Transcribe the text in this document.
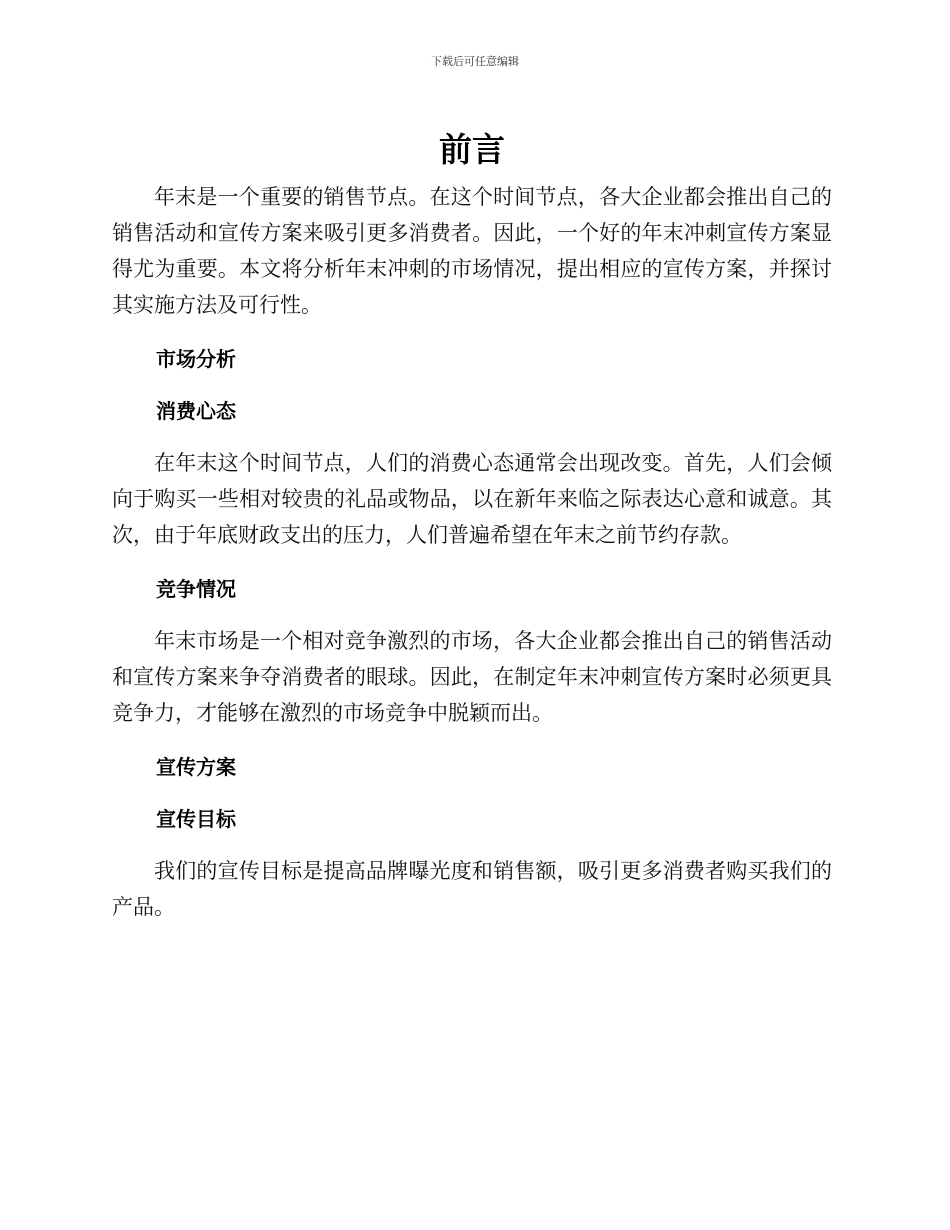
下载后可任意编辑
前言

年末是一个重要的销售节点。在这个时间节点，各大企业都会推出自己的销售活动和宣传方案来吸引更多消费者。因此，一个好的年末冲刺宣传方案显得尤为重要。本文将分析年末冲刺的市场情况，提出相应的宣传方案，并探讨其实施方法及可行性。

市场分析
消费心态

在年末这个时间节点，人们的消费心态通常会出现改变。首先，人们会倾向于购买一些相对较贵的礼品或物品，以在新年来临之际表达心意和诚意。其次，由于年底财政支出的压力，人们普遍希望在年末之前节约存款。

竞争情况

年末市场是一个相对竞争激烈的市场，各大企业都会推出自己的销售活动和宣传方案来争夺消费者的眼球。因此，在制定年末冲刺宣传方案时必须更具竞争力，才能够在激烈的市场竞争中脱颖而出。

宣传方案
宣传目标

我们的宣传目标是提高品牌曝光度和销售额，吸引更多消费者购买我们的产品。
